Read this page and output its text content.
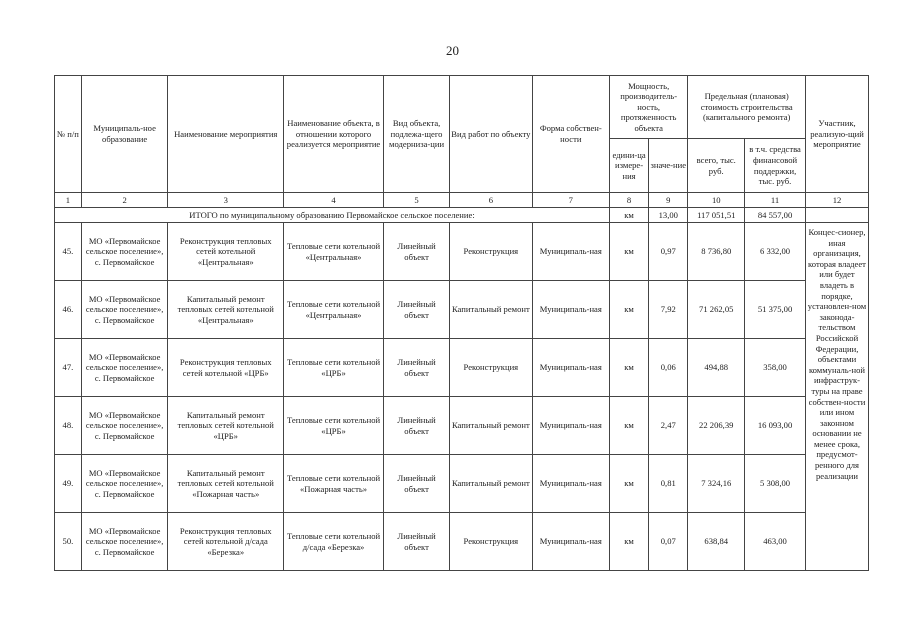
20
№ п/п	Муниципаль-ное образование	Наименование мероприятия	Наименование объекта, в отношении которого реализуется мероприятие	Вид объекта, подлежа-щего модерниза-ции	Вид работ по объекту	Форма собствен-ности	Мощность, производитель-ность, протяженность объекта		Предельная (плановая) стоимость строительства (капитального ремонта)		Участник, реализую-щий мероприятие
							едини-ца измере-ния	значе-ние	всего, тыс. руб.	в т.ч. средства финансовой поддержки, тыс. руб.	
1	2	3	4	5	6	7	8	9	10	11	12
ИТОГО по муниципальному образованию Первомайское сельское поселение:							км	13,00	117 051,51	84 557,00	
45.	МО «Первомайское сельское поселение», с. Первомайское	Реконструкция тепловых сетей котельной «Центральная»	Тепловые сети котельной «Центральная»	Линейный объект	Реконструкция	Муниципаль-ная	км	0,97	8 736,80	6 332,00	Концес-сионер, иная организация, которая владеет или будет владеть в порядке, установлен-ном законода-тельством Российской Федерации, объектами коммуналь-ной инфраструк-туры на праве собствен-ности или ином законном основании не менее срока, предусмот-ренного для реализации
46.	МО «Первомайское сельское поселение», с. Первомайское	Капитальный ремонт тепловых сетей котельной «Центральная»	Тепловые сети котельной «Центральная»	Линейный объект	Капитальный ремонт	Муниципаль-ная	км	7,92	71 262,05	51 375,00	
47.	МО «Первомайское сельское поселение», с. Первомайское	Реконструкция тепловых сетей котельной «ЦРБ»	Тепловые сети котельной «ЦРБ»	Линейный объект	Реконструкция	Муниципаль-ная	км	0,06	494,88	358,00	
48.	МО «Первомайское сельское поселение», с. Первомайское	Капитальный ремонт тепловых сетей котельной «ЦРБ»	Тепловые сети котельной «ЦРБ»	Линейный объект	Капитальный ремонт	Муниципаль-ная	км	2,47	22 206,39	16 093,00	
49.	МО «Первомайское сельское поселение», с. Первомайское	Капитальный ремонт тепловых сетей котельной «Пожарная часть»	Тепловые сети котельной «Пожарная часть»	Линейный объект	Капитальный ремонт	Муниципаль-ная	км	0,81	7 324,16	5 308,00	
50.	МО «Первомайское сельское поселение», с. Первомайское	Реконструкция тепловых сетей котельной д/сада «Березка»	Тепловые сети котельной д/сада «Березка»	Линейный объект	Реконструкция	Муниципаль-ная	км	0,07	638,84	463,00	
